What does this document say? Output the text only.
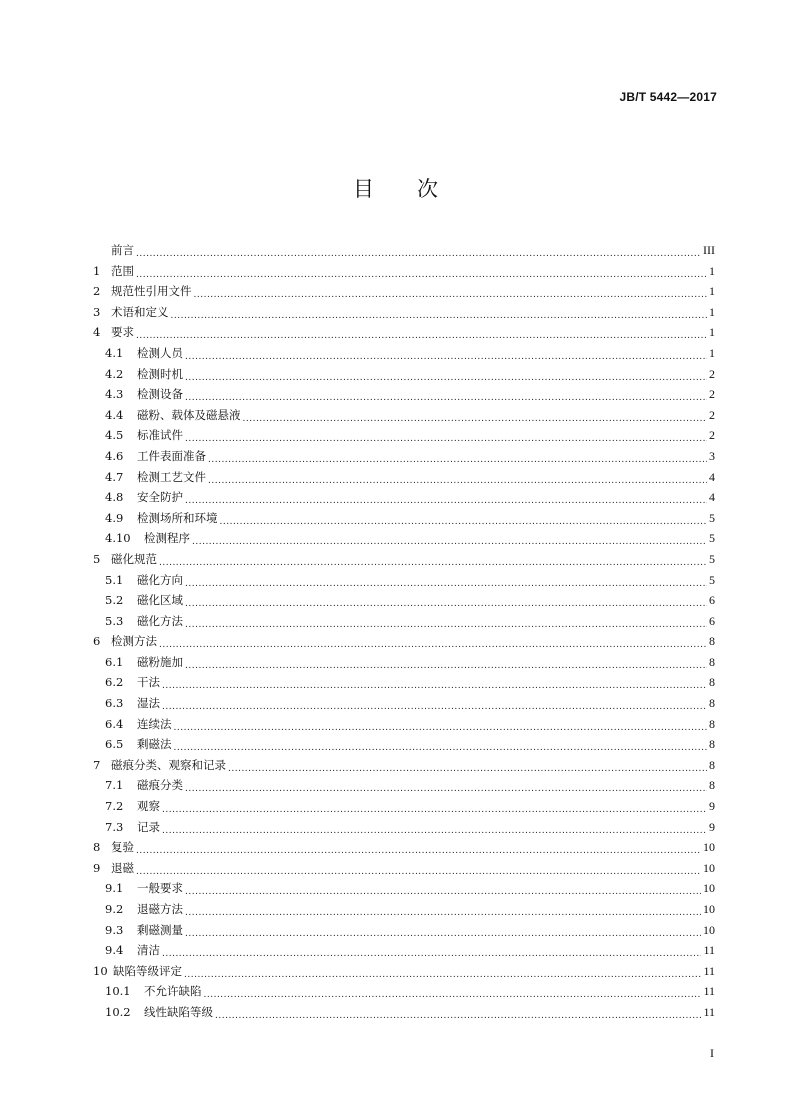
JB/T 5442—2017
目 次
前言 .....	III
1 范围 .....	1
2 规范性引用文件 .....	1
3 术语和定义 .....	1
4 要求 .....	1
4.1	检测人员 .....	1
4.2	检测时机 .....	2
4.3	检测设备 .....	2
4.4	磁粉、载体及磁悬液 .....	2
4.5	标准试件 .....	2
4.6	工件表面准备 .....	3
4.7	检测工艺文件 .....	4
4.8	安全防护 .....	4
4.9	检测场所和环境 .....	5
4.10	检测程序 .....	5
5 磁化规范 .....	5
5.1	磁化方向 .....	5
5.2	磁化区域 .....	6
5.3	磁化方法 .....	6
6 检测方法 .....	8
6.1	磁粉施加 .....	8
6.2	干法 .....	8
6.3	湿法 .....	8
6.4	连续法 .....	8
6.5	剩磁法 .....	8
7 磁痕分类、观察和记录 .....	8
7.1	磁痕分类 .....	8
7.2	观察 .....	9
7.3	记录 .....	9
8 复验 .....	10
9 退磁 .....	10
9.1	一般要求 .....	10
9.2	退磁方法 .....	10
9.3	剩磁测量 .....	10
9.4	清洁 .....	11
10 缺陷等级评定 .....	11
10.1	不允许缺陷 .....	11
10.2	线性缺陷等级 .....	11
I
